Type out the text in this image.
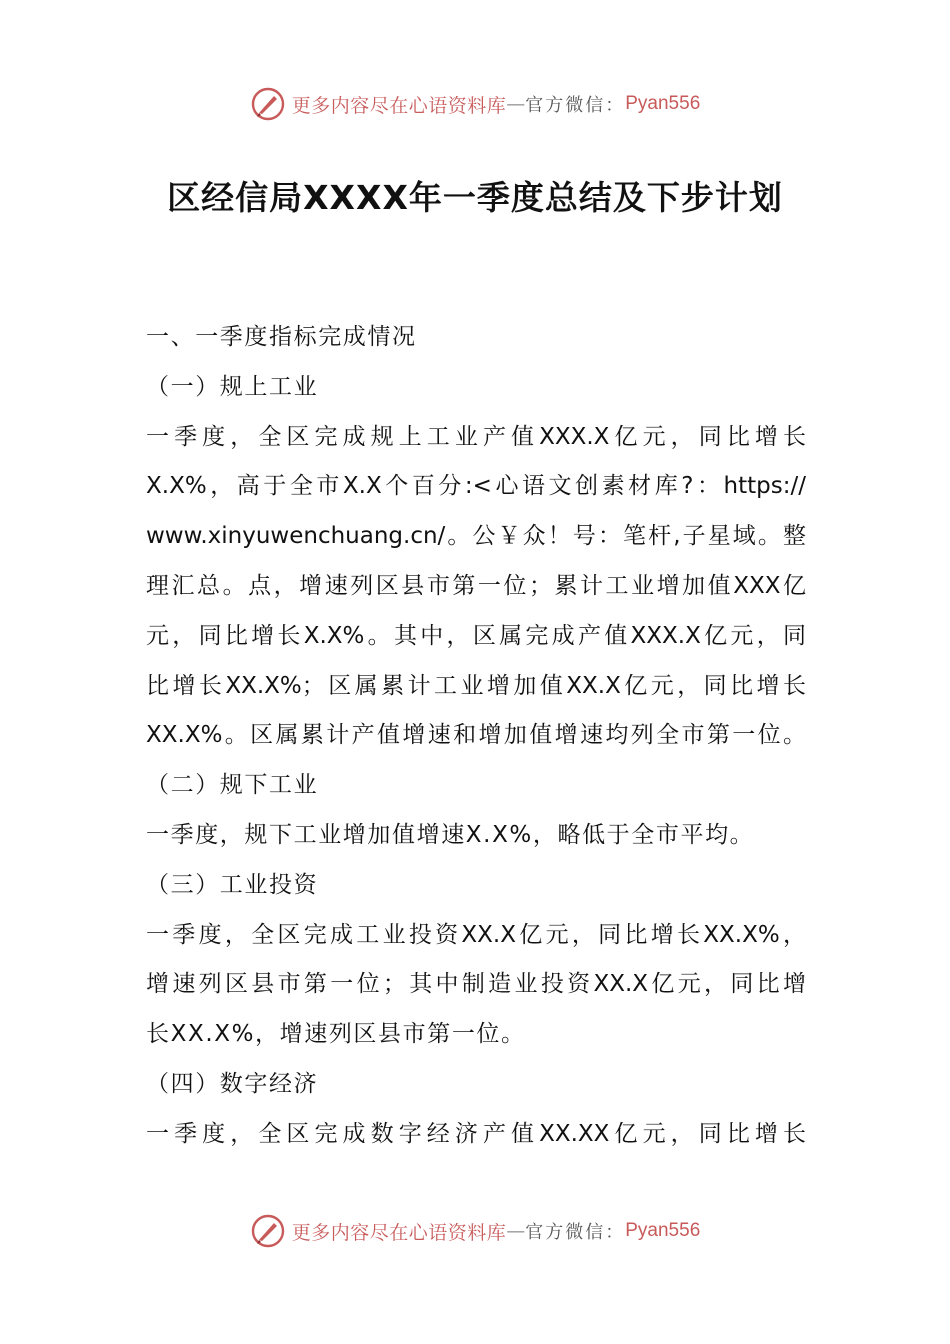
更多内容尽在心语资料库 — 官方微信： Pyan556
区经信局XXXX年一季度总结及下步计划
一、一季度指标完成情况
（一）规上工业
一季度，全区完成规上工业产值XXX.X亿元，同比增长
X.X%，高于全市X.X个百分:<心语文创素材库?：https://
www.xinyuwenchuang.cn/。公￥众！号：笔杆,子星域。整
理汇总。点，增速列区县市第一位；累计工业增加值XXX亿
元，同比增长X.X%。其中，区属完成产值XXX.X亿元，同
比增长XX.X%；区属累计工业增加值XX.X亿元，同比增长
XX.X%。区属累计产值增速和增加值增速均列全市第一位。
（二）规下工业
一季度，规下工业增加值增速X.X%，略低于全市平均。
（三）工业投资
一季度，全区完成工业投资XX.X亿元，同比增长XX.X%，
增速列区县市第一位；其中制造业投资XX.X亿元，同比增
长XX.X%，增速列区县市第一位。
（四）数字经济
一季度，全区完成数字经济产值XX.XX亿元，同比增长
更多内容尽在心语资料库 — 官方微信： Pyan556
